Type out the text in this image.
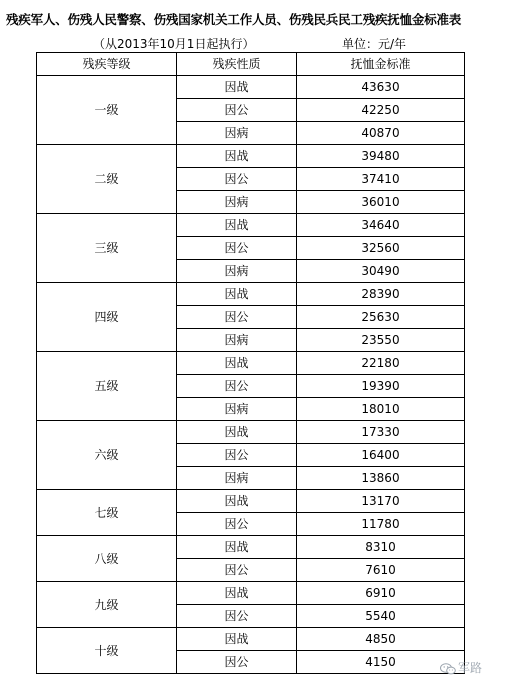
残疾军人、伤残人民警察、伤残国家机关工作人员、伤残民兵民工残疾抚恤金标准表
（从2013年10月1日起执行）	单位：元/年
残疾等级	残疾性质	抚恤金标准
一级	因战	43630
	因公	42250
	因病	40870
二级	因战	39480
	因公	37410
	因病	36010
三级	因战	34640
	因公	32560
	因病	30490
四级	因战	28390
	因公	25630
	因病	23550
五级	因战	22180
	因公	19390
	因病	18010
六级	因战	17330
	因公	16400
	因病	13860
七级	因战	13170
	因公	11780
八级	因战	8310
	因公	7610
九级	因战	6910
	因公	5540
十级	因战	4850
	因公	4150	军路
